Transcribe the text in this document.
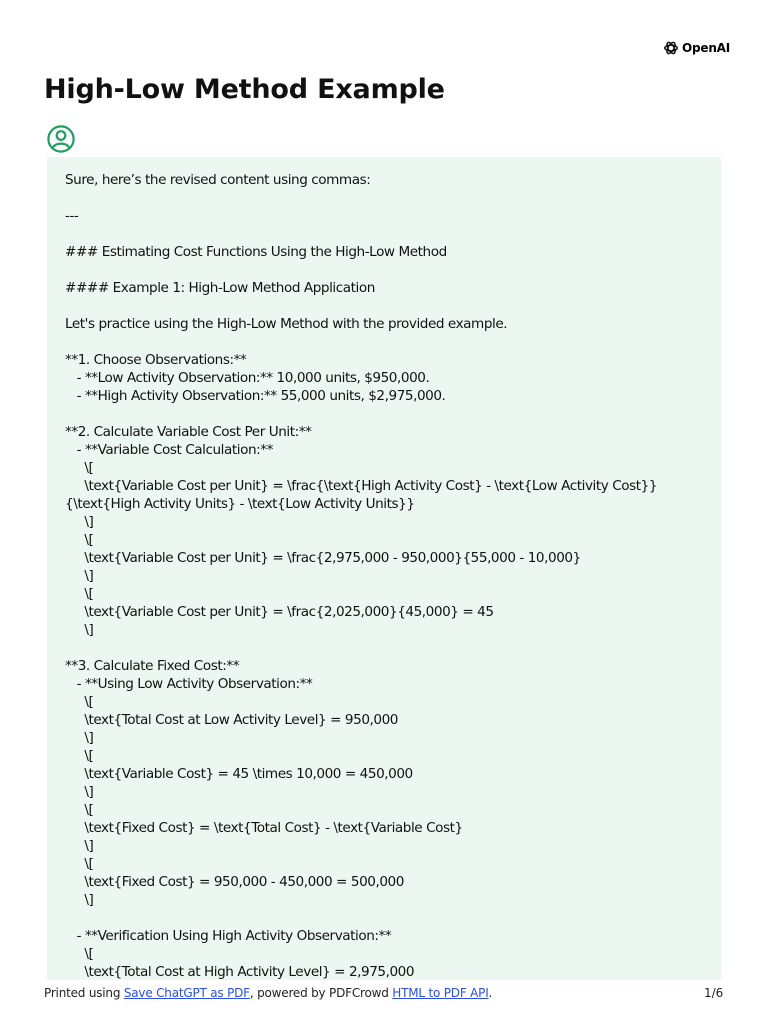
OpenAI
High-Low Method Example
Sure, here’s the revised content using commas:
---
### Estimating Cost Functions Using the High-Low Method
#### Example 1: High-Low Method Application
Let's practice using the High-Low Method with the provided example.
**1. Choose Observations:**
- **Low Activity Observation:** 10,000 units, $950,000.
- **High Activity Observation:** 55,000 units, $2,975,000.
**2. Calculate Variable Cost Per Unit:**
- **Variable Cost Calculation:**
\[
\text{Variable Cost per Unit} = \frac{\text{High Activity Cost} - \text{Low Activity Cost}}
{\text{High Activity Units} - \text{Low Activity Units}}
\]
\[
\text{Variable Cost per Unit} = \frac{2,975,000 - 950,000}{55,000 - 10,000}
\]
\[
\text{Variable Cost per Unit} = \frac{2,025,000}{45,000} = 45
\]
**3. Calculate Fixed Cost:**
- **Using Low Activity Observation:**
\[
\text{Total Cost at Low Activity Level} = 950,000
\]
\[
\text{Variable Cost} = 45 \times 10,000 = 450,000
\]
\[
\text{Fixed Cost} = \text{Total Cost} - \text{Variable Cost}
\]
\[
\text{Fixed Cost} = 950,000 - 450,000 = 500,000
\]
- **Verification Using High Activity Observation:**
\[
\text{Total Cost at High Activity Level} = 2,975,000
Printed using Save ChatGPT as PDF, powered by PDFCrowd HTML to PDF API.	1/6
